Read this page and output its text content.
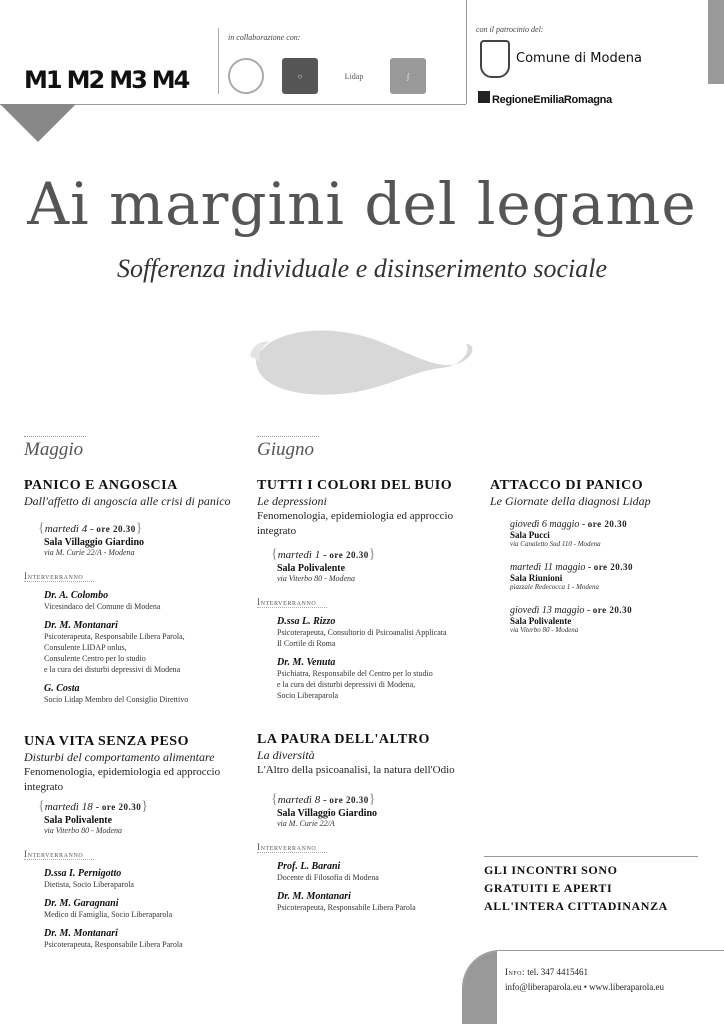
M1 M2 M3 M4
in collaborazione con:
○	Lidap	∫
con il patrocinio del:
Comune di Modena
RegioneEmiliaRomagna
Ai margini del legame
Sofferenza individuale e disinserimento sociale
Maggio	Giugno
PANICO E ANGOSCIA
Dall'affetto di angoscia alle crisi di panico
{martedì 4 - ore 20.30}
Sala Villaggio Giardino
via M. Curie 22/A - Modena
Interverranno
Dr. A. Colombo
Vicesindaco del Comune di Modena
Dr. M. Montanari
Psicoterapeuta, Responsabile Libera Parola,
Consulente LIDAP onlus,
Consulente Centro per lo studio
e la cura dei disturbi depressivi di Modena
G. Costa
Socio Lidap Membro del Consiglio Direttivo
UNA VITA SENZA PESO
Disturbi del comportamento alimentare
Fenomenologia, epidemiologia ed approccio integrato
{martedì 18 - ore 20.30}
Sala Polivalente
via Viterbo 80 - Modena
Interverranno
D.ssa I. Pernigotto
Dietista, Socio Liberaparola
Dr. M. Garagnani
Medico di Famiglia, Socio Liberaparola
Dr. M. Montanari
Psicoterapeuta, Responsabile Libera Parola
TUTTI I COLORI DEL BUIO
Le depressioni
Fenomenologia, epidemiologia ed approccio integrato
{martedì 1 - ore 20.30}
Sala Polivalente
via Viterbo 80 - Modena
Interverranno
D.ssa L. Rizzo
Psicoterapeuta, Consultorio di Psicoanalisi Applicata
Il Cortile di Roma
Dr. M. Venuta
Psichiatra, Responsabile del Centro per lo studio
e la cura dei disturbi depressivi di Modena,
Socio Liberaparola
LA PAURA DELL'ALTRO
La diversità
L'Altro della psicoanalisi, la natura dell'Odio
{martedì 8 - ore 20.30}
Sala Villaggio Giardino
via M. Curie 22/A
Interverranno
Prof. L. Barani
Docente di Filosofia di Modena
Dr. M. Montanari
Psicoterapeuta, Responsabile Libera Parola
ATTACCO DI PANICO
Le Giornate della diagnosi Lidap
giovedì 6 maggio - ore 20.30
Sala Pucci
via Canaletto Sud 110 - Modena
martedì 11 maggio - ore 20.30
Sala Riunioni
piazzale Redecocca 1 - Modena
giovedì 13 maggio - ore 20.30
Sala Polivalente
via Viterbo 80 - Modena
GLI INCONTRI SONO
GRATUITI E APERTI
ALL'INTERA CITTADINANZA
Info: tel. 347 4415461
info@liberaparola.eu • www.liberaparola.eu
